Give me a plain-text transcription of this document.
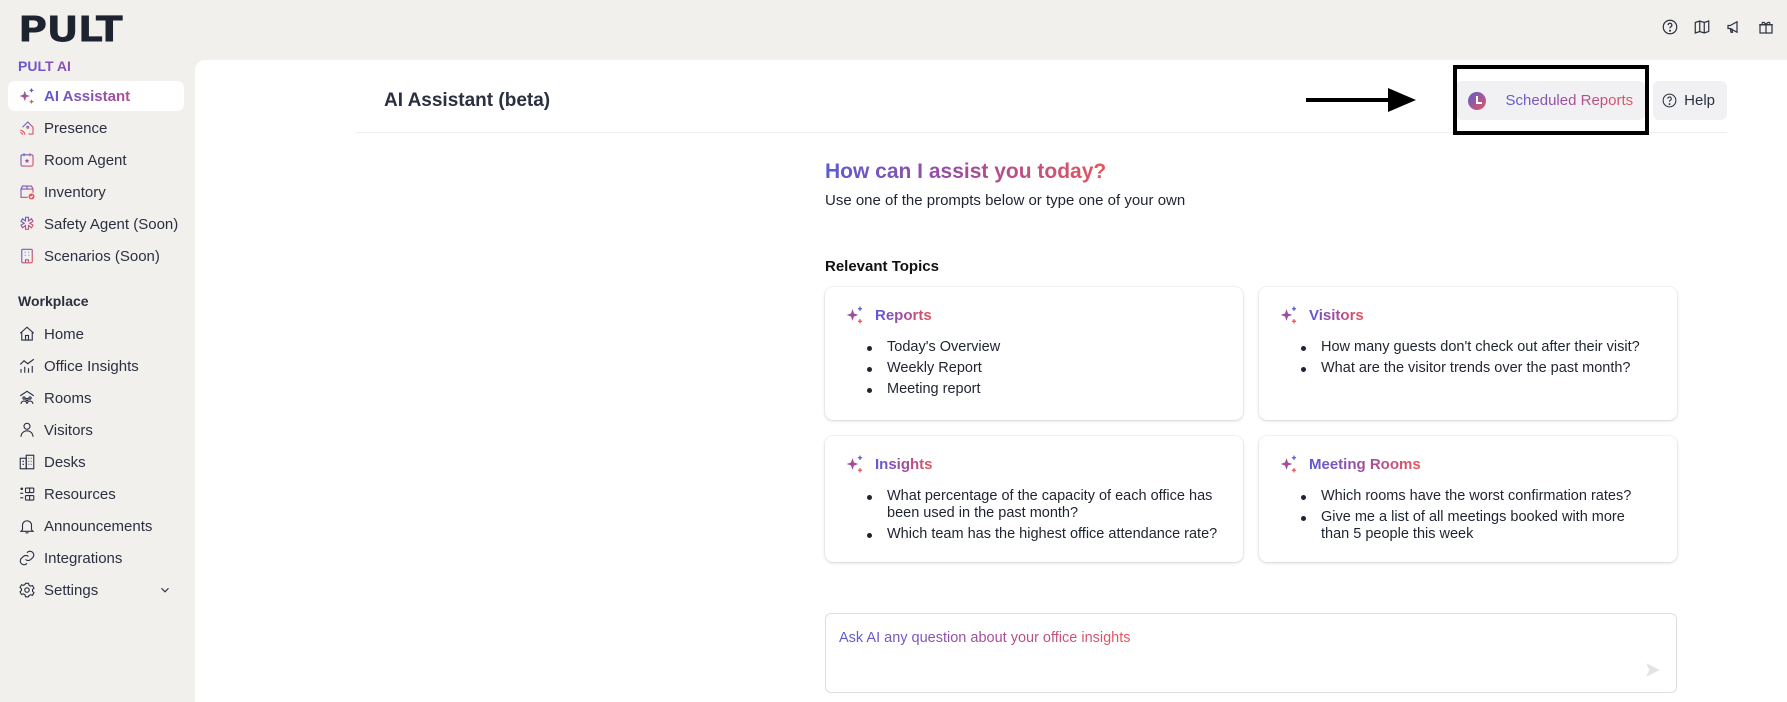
PULT
PULT AI
AI Assistant
Presence
Room Agent
Inventory
Safety Agent (Soon)
Scenarios (Soon)
Workplace
Home
Office Insights
Rooms
Visitors
Desks
Resources
Announcements
Integrations
Settings
AI Assistant (beta)	Scheduled Reports	Help
How can I assist you today?

Use one of the prompts below or type one of your own

Relevant Topics
Reports
Today's Overview
Weekly Report
Meeting report
Visitors
How many guests don't check out after their visit?
What are the visitor trends over the past month?
Insights
What percentage of the capacity of each office has been used in the past month?
Which team has the highest office attendance rate?
Meeting Rooms
Which rooms have the worst confirmation rates?
Give me a list of all meetings booked with more than 5 people this week
Ask AI any question about your office insights
